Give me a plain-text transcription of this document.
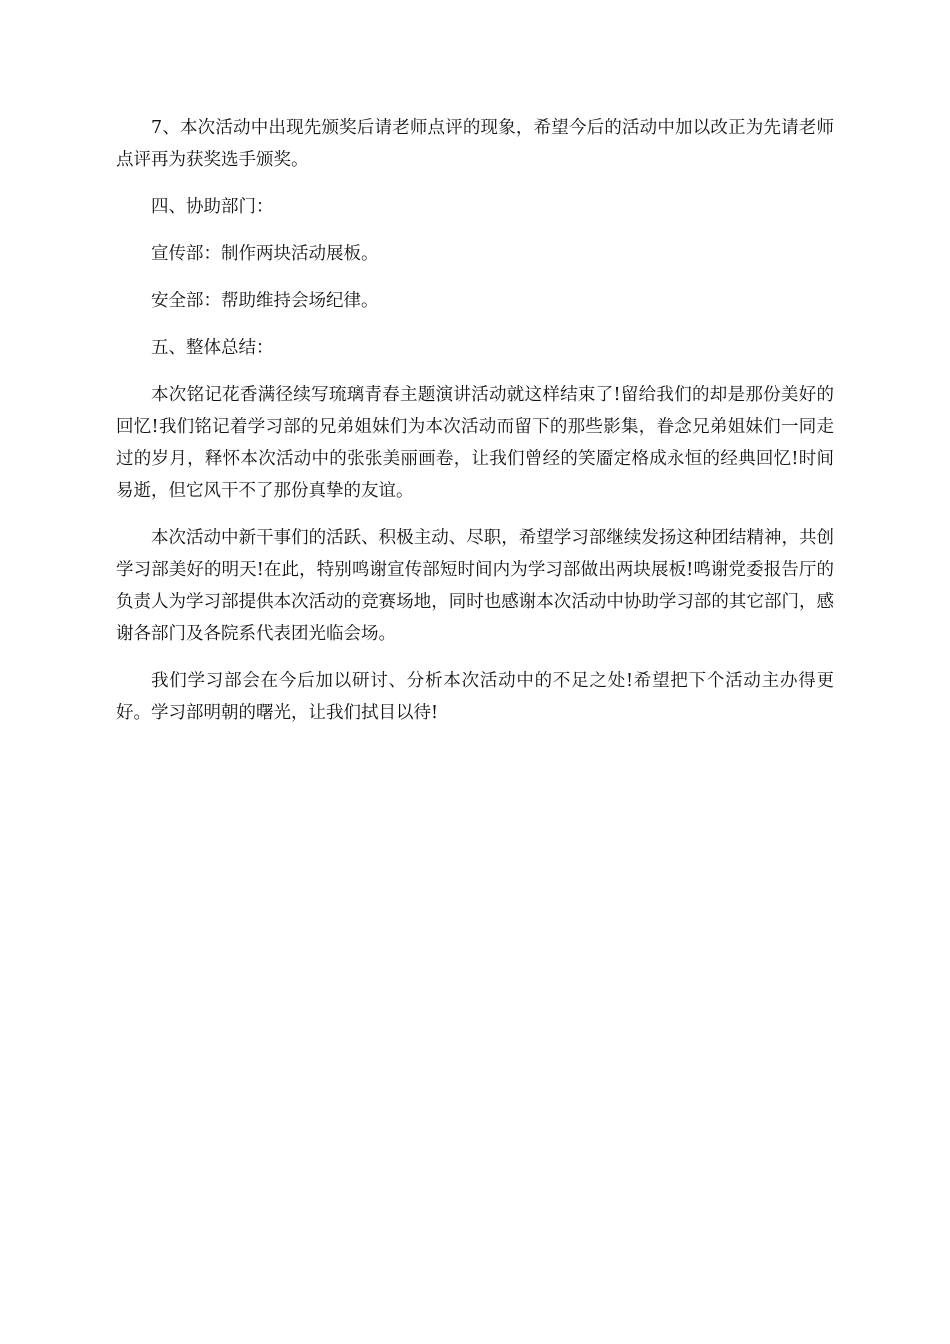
7、本次活动中出现先颁奖后请老师点评的现象，希望今后的活动中加以改正为先请老师点评再为获奖选手颁奖。

四、协助部门：

宣传部：制作两块活动展板。

安全部：帮助维持会场纪律。

五、整体总结：

本次铭记花香满径续写琉璃青春主题演讲活动就这样结束了!留给我们的却是那份美好的回忆!我们铭记着学习部的兄弟姐妹们为本次活动而留下的那些影集，眷念兄弟姐妹们一同走过的岁月，释怀本次活动中的张张美丽画卷，让我们曾经的笑靥定格成永恒的经典回忆!时间易逝，但它风干不了那份真挚的友谊。

本次活动中新干事们的活跃、积极主动、尽职，希望学习部继续发扬这种团结精神，共创学习部美好的明天!在此，特别鸣谢宣传部短时间内为学习部做出两块展板!鸣谢党委报告厅的负责人为学习部提供本次活动的竞赛场地，同时也感谢本次活动中协助学习部的其它部门，感谢各部门及各院系代表团光临会场。

我们学习部会在今后加以研讨、分析本次活动中的不足之处!希望把下个活动主办得更好。学习部明朝的曙光，让我们拭目以待!
